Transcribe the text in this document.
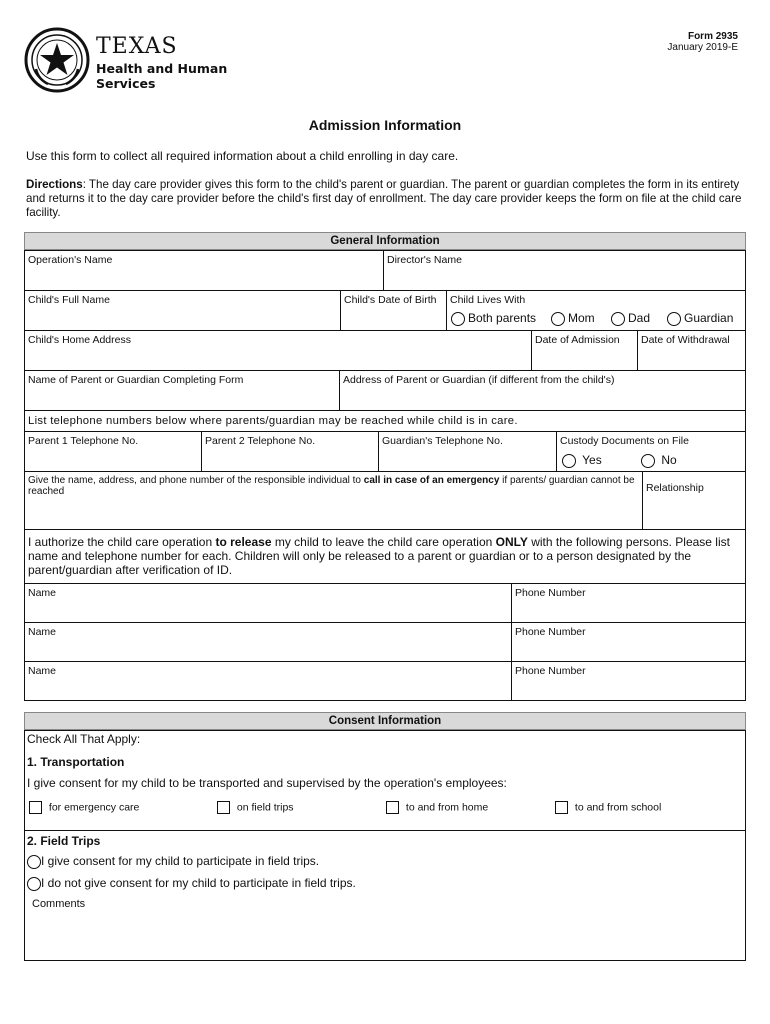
TEXAS
Health and Human
Services
Form 2935
January 2019-E
Admission Information
Use this form to collect all required information about a child enrolling in day care.
Directions: The day care provider gives this form to the child's parent or guardian. The parent or guardian completes the form in its entirety and returns it to the day care provider before the child's first day of enrollment. The day care provider keeps the form on file at the child care facility.
General Information
Operation's Name	Director's Name
Child's Full Name	Child's Date of Birth	Child Lives With
Both parents	Mom	Dad	Guardian
Child's Home Address	Date of Admission	Date of Withdrawal
Name of Parent or Guardian Completing Form	Address of Parent or Guardian (if different from the child's)
List telephone numbers below where parents/guardian may be reached while child is in care.
Parent 1 Telephone No.	Parent 2 Telephone No.	Guardian's Telephone No.	Custody Documents on File
Yes	No
Give the name, address, and phone number of the responsible individual to call in case of an emergency if parents/ guardian cannot be reached	Relationship
I authorize the child care operation to release my child to leave the child care operation ONLY with the following persons. Please list name and telephone number for each. Children will only be released to a parent or guardian or to a person designated by the parent/guardian after verification of ID.
Name	Phone Number
Name	Phone Number
Name	Phone Number
Consent Information
Check All That Apply:
1. Transportation
I give consent for my child to be transported and supervised by the operation's employees:
for emergency care	on field trips	to and from home	to and from school
2. Field Trips
I give consent for my child to participate in field trips.
I do not give consent for my child to participate in field trips.
Comments
